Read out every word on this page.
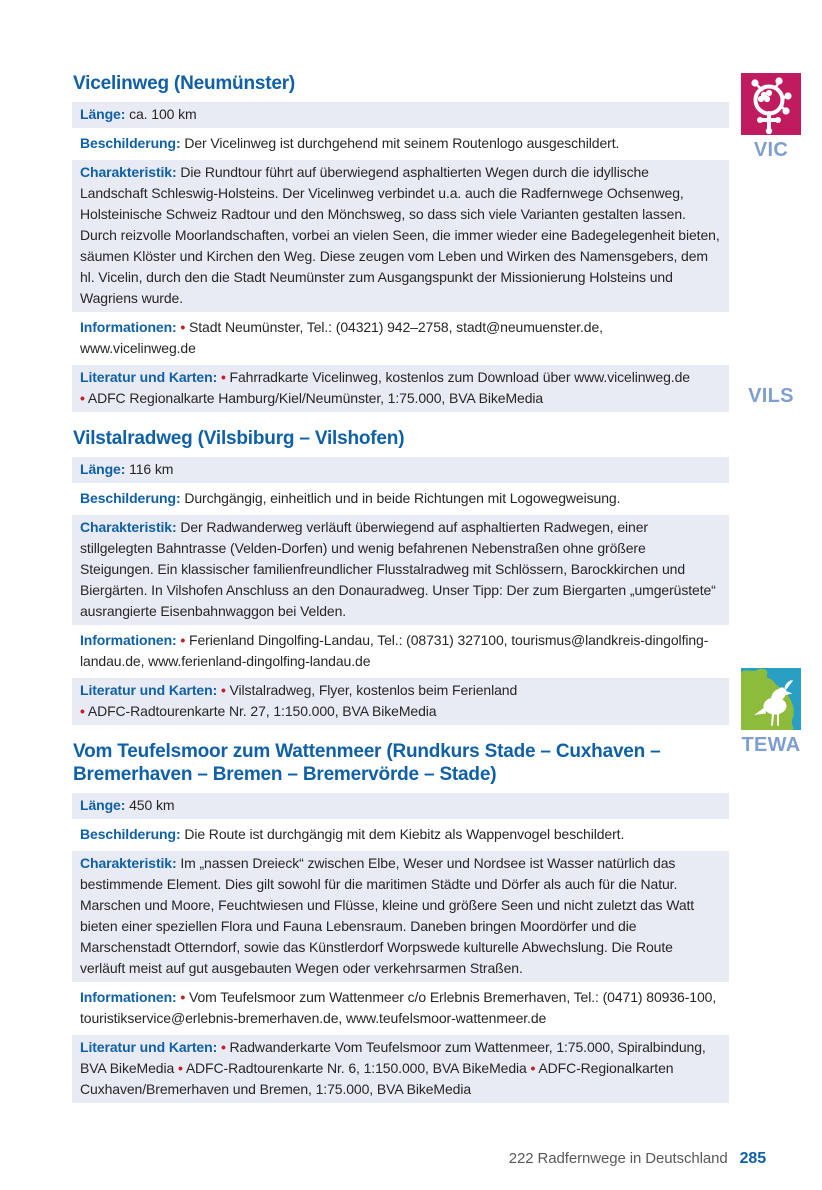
Vicelinweg (Neumünster)
Länge: ca. 100 km
Beschilderung: Der Vicelinweg ist durchgehend mit seinem Routenlogo ausgeschildert.
Charakteristik: Die Rundtour führt auf überwiegend asphaltierten Wegen durch die idyllische Landschaft Schleswig-Holsteins. Der Vicelinweg verbindet u.a. auch die Radfernwege Ochsenweg, Holsteinische Schweiz Radtour und den Mönchsweg, so dass sich viele Varianten gestalten lassen. Durch reizvolle Moorlandschaften, vorbei an vielen Seen, die immer wieder eine Badegelegenheit bieten, säumen Klöster und Kirchen den Weg. Diese zeugen vom Leben und Wirken des Namensgebers, dem hl. Vicelin, durch den die Stadt Neumünster zum Ausgangspunkt der Missionierung Holsteins und Wagriens wurde.
Informationen: • Stadt Neumünster, Tel.: (04321) 942–2758, stadt@neumuenster.de, www.vicelinweg.de
Literatur und Karten: • Fahrradkarte Vicelinweg, kostenlos zum Download über www.vicelinweg.de
• ADFC Regionalkarte Hamburg/Kiel/Neumünster, 1:75.000, BVA BikeMedia
Vilstalradweg (Vilsbiburg – Vilshofen)
Länge: 116 km
Beschilderung: Durchgängig, einheitlich und in beide Richtungen mit Logowegweisung.
Charakteristik: Der Radwanderweg verläuft überwiegend auf asphaltierten Radwegen, einer stillgelegten Bahntrasse (Velden-Dorfen) und wenig befahrenen Nebenstraßen ohne größere Steigungen. Ein klassischer familienfreundlicher Flusstalradweg mit Schlössern, Barockkirchen und Biergärten. In Vilshofen Anschluss an den Donauradweg. Unser Tipp: Der zum Biergarten „umgerüstete“ ausrangierte Eisenbahnwaggon bei Velden.
Informationen: • Ferienland Dingolfing-Landau, Tel.: (08731) 327100, tourismus@landkreis-dingolfing-landau.de, www.ferienland-dingolfing-landau.de
Literatur und Karten: • Vilstalradweg, Flyer, kostenlos beim Ferienland
• ADFC-Radtourenkarte Nr. 27, 1:150.000, BVA BikeMedia
Vom Teufelsmoor zum Wattenmeer (Rundkurs Stade – Cuxhaven – Bremerhaven – Bremen – Bremervörde – Stade)
Länge: 450 km
Beschilderung: Die Route ist durchgängig mit dem Kiebitz als Wappenvogel beschildert.
Charakteristik: Im „nassen Dreieck“ zwischen Elbe, Weser und Nordsee ist Wasser natürlich das bestimmende Element. Dies gilt sowohl für die maritimen Städte und Dörfer als auch für die Natur. Marschen und Moore, Feuchtwiesen und Flüsse, kleine und größere Seen und nicht zuletzt das Watt bieten einer speziellen Flora und Fauna Lebensraum. Daneben bringen Moordörfer und die Marschenstadt Otterndorf, sowie das Künstlerdorf Worpswede kulturelle Abwechslung. Die Route verläuft meist auf gut ausgebauten Wegen oder verkehrsarmen Straßen.
Informationen: • Vom Teufelsmoor zum Wattenmeer c/o Erlebnis Bremerhaven, Tel.: (0471) 80936-100, touristikservice@erlebnis-bremerhaven.de, www.teufelsmoor-wattenmeer.de
Literatur und Karten: • Radwanderkarte Vom Teufelsmoor zum Wattenmeer, 1:75.000, Spiralbindung, BVA BikeMedia • ADFC-Radtourenkarte Nr. 6, 1:150.000, BVA BikeMedia • ADFC-Regionalkarten Cuxhaven/Bremerhaven und Bremen, 1:75.000, BVA BikeMedia
VIC
VILS
TEWA
222 Radfernwege in Deutschland 285
